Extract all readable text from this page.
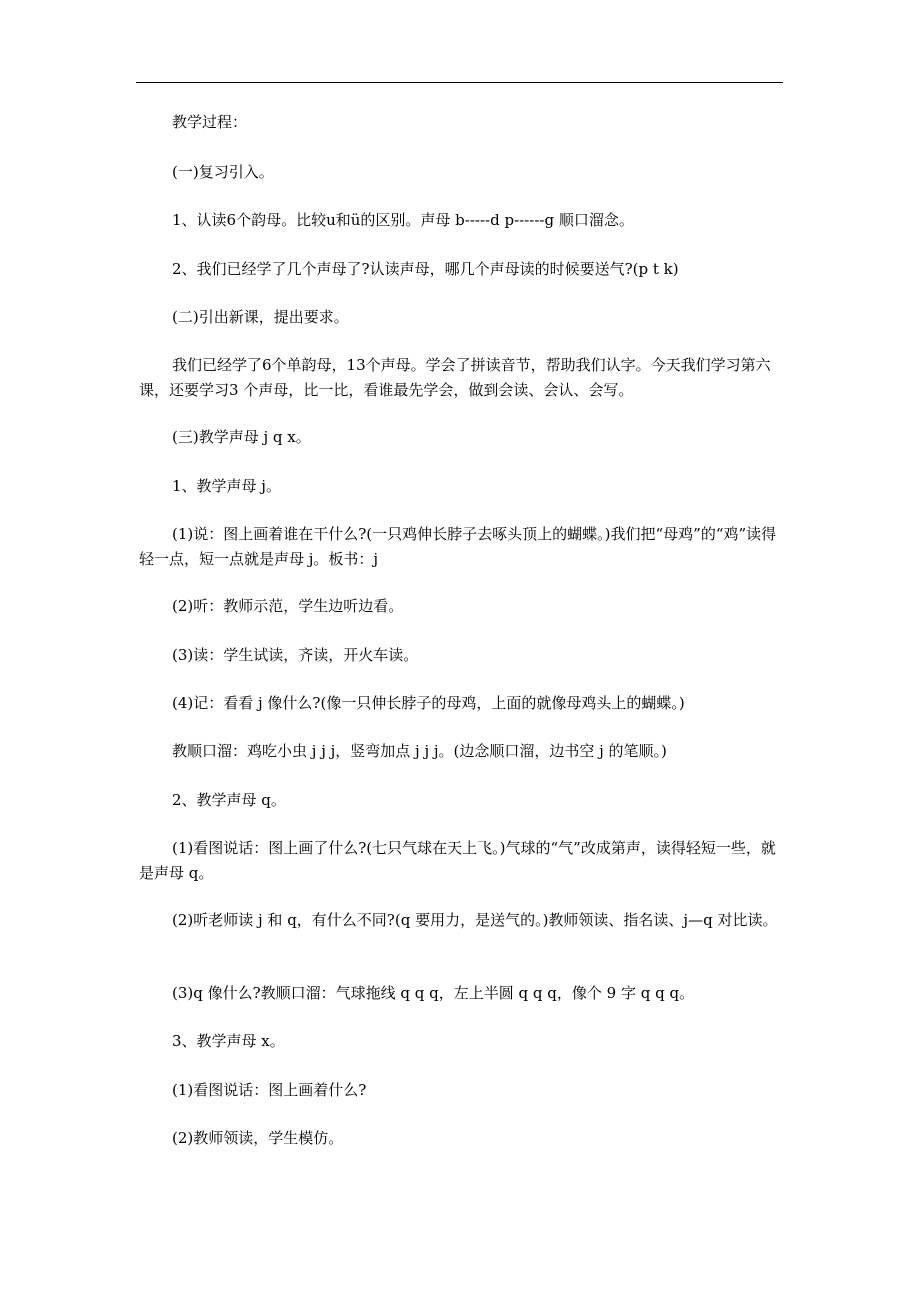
教学过程：
(一)复习引入。
1、认读6个韵母。比较u和ü的区别。声母 b-----d p------g 顺口溜念。
2、我们已经学了几个声母了?认读声母，哪几个声母读的时候要送气?(p t k)
(二)引出新课，提出要求。
我们已经学了6个单韵母，13个声母。学会了拼读音节，帮助我们认字。今天我们学习第六课，还要学习3 个声母，比一比，看谁最先学会，做到会读、会认、会写。
(三)教学声母 j q x。
1、教学声母 j。
(1)说：图上画着谁在干什么?(一只鸡伸长脖子去啄头顶上的蝴蝶。)我们把“母鸡”的“鸡”读得轻一点，短一点就是声母 j。板书：j
(2)听：教师示范，学生边听边看。
(3)读：学生试读，齐读，开火车读。
(4)记：看看 j 像什么?(像一只伸长脖子的母鸡，上面的就像母鸡头上的蝴蝶。)
教顺口溜：鸡吃小虫 j j j，竖弯加点 j j j。(边念顺口溜，边书空 j 的笔顺。)
2、教学声母 q。
(1)看图说话：图上画了什么?(七只气球在天上飞。)气球的“气”改成第声，读得轻短一些，就是声母 q。
(2)听老师读 j 和 q，有什么不同?(q 要用力，是送气的。)教师领读、指名读、j—q 对比读。
(3)q 像什么?教顺口溜：气球拖线 q q q，左上半圆 q q q，像个 9 字 q q q。
3、教学声母 x。
(1)看图说话：图上画着什么?
(2)教师领读，学生模仿。
